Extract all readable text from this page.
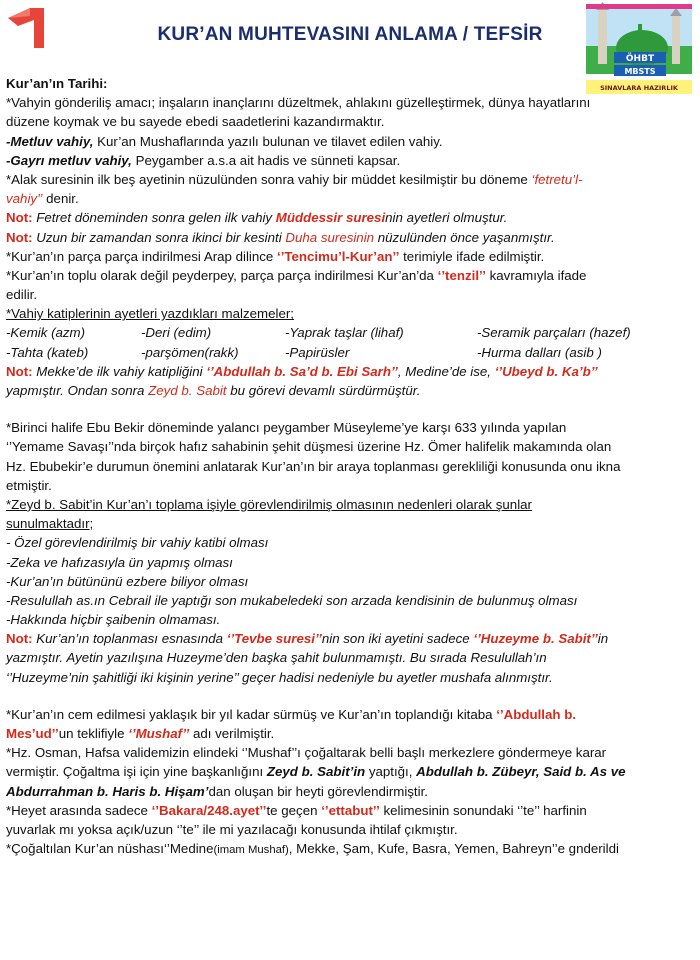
KUR’AN MUHTEVASINI ANLAMA / TEFSİR
ÖHBT
MBSTS
SINAVLARA HAZIRLIK
Kur’an’ın Tarihi:
*Vahyin gönderiliş amacı; inşaların inançlarını düzeltmek, ahlakını güzelleştirmek, dünya hayatlarını
düzene koymak ve bu sayede ebedi saadetlerini kazandırmaktır.
-Metluv vahiy, Kur’an Mushaflarında yazılı bulunan ve tilavet edilen vahiy.
-Gayrı metluv vahiy, Peygamber a.s.a ait hadis ve sünneti kapsar.
*Alak suresinin ilk beş ayetinin nüzulünden sonra vahiy bir müddet kesilmiştir bu döneme ‘fetretu’l-
vahiy’’ denir.
Not: Fetret döneminden sonra gelen ilk vahiy Müddessir suresinin ayetleri olmuştur.
Not: Uzun bir zamandan sonra ikinci bir kesinti Duha suresinin nüzulünden önce yaşanmıştır.
*Kur’an’ın parça parça indirilmesi Arap dilince ‘’Tencimu’l-Kur’an’’ terimiyle ifade edilmiştir.
*Kur’an’ın toplu olarak değil peyderpey, parça parça indirilmesi Kur’an’da ‘’tenzil’’ kavramıyla ifade
edilir.
*Vahiy katiplerinin ayetleri yazdıkları malzemeler;
-Kemik (azm)	-Deri (edim)	-Yaprak taşlar (lihaf)	-Seramik parçaları (hazef)
-Tahta (kateb)	-parşömen(rakk)	-Papirüsler	-Hurma dalları (asib )
Not: Mekke’de ilk vahiy katipliğini ‘’Abdullah b. Sa’d b. Ebi Sarh’’, Medine’de ise, ‘’Ubeyd b. Ka’b’’
yapmıştır. Ondan sonra Zeyd b. Sabit bu görevi devamlı sürdürmüştür.
*Birinci halife Ebu Bekir döneminde yalancı peygamber Müseyleme’ye karşı 633 yılında yapılan
‘’Yemame Savaşı’’nda birçok hafız sahabinin şehit düşmesi üzerine Hz. Ömer halifelik makamında olan
Hz. Ebubekir’e durumun önemini anlatarak Kur’an’ın bir araya toplanması gerekliliği konusunda onu ikna
etmiştir.
*Zeyd b. Sabit’in Kur’an’ı toplama işiyle görevlendirilmiş olmasının nedenleri olarak şunlar
sunulmaktadır;
- Özel görevlendirilmiş bir vahiy katibi olması
-Zeka ve hafızasıyla ün yapmış olması
-Kur’an’ın bütününü ezbere biliyor olması
-Resulullah as.ın Cebrail ile yaptığı son mukabeledeki son arzada kendisinin de bulunmuş olması
-Hakkında hiçbir şaibenin olmaması.
Not: Kur’an’ın toplanması esnasında ‘’Tevbe suresi’’nin son iki ayetini sadece ‘’Huzeyme b. Sabit’’in
yazmıştır. Ayetin yazılışına Huzeyme’den başka şahit bulunmamıştı. Bu sırada Resulullah’ın
‘’Huzeyme’nin şahitliği iki kişinin yerine’’ geçer hadisi nedeniyle bu ayetler mushafa alınmıştır.
*Kur’an’ın cem edilmesi yaklaşık bir yıl kadar sürmüş ve Kur’an’ın toplandığı kitaba ‘’Abdullah b.
Mes’ud’’un teklifiyle ‘’Mushaf’’ adı verilmiştir.
*Hz. Osman, Hafsa validemizin elindeki ‘’Mushaf’’ı çoğaltarak belli başlı merkezlere göndermeye karar
vermiştir. Çoğaltma işi için yine başkanlığını Zeyd b. Sabit’in yaptığı, Abdullah b. Zübeyr, Said b. As ve
Abdurrahman b. Haris b. Hişam’dan oluşan bir heyti görevlendirmiştir.
*Heyet arasında sadece ‘’Bakara/248.ayet’’te geçen ‘’ettabut’’ kelimesinin sonundaki ‘’te’’ harfinin
yuvarlak mı yoksa açık/uzun ‘’te’’ ile mi yazılacağı konusunda ihtilaf çıkmıştır.
*Çoğaltılan Kur’an nüshası‘’Medine(imam Mushaf), Mekke, Şam, Kufe, Basra, Yemen, Bahreyn’’e gnderildi
